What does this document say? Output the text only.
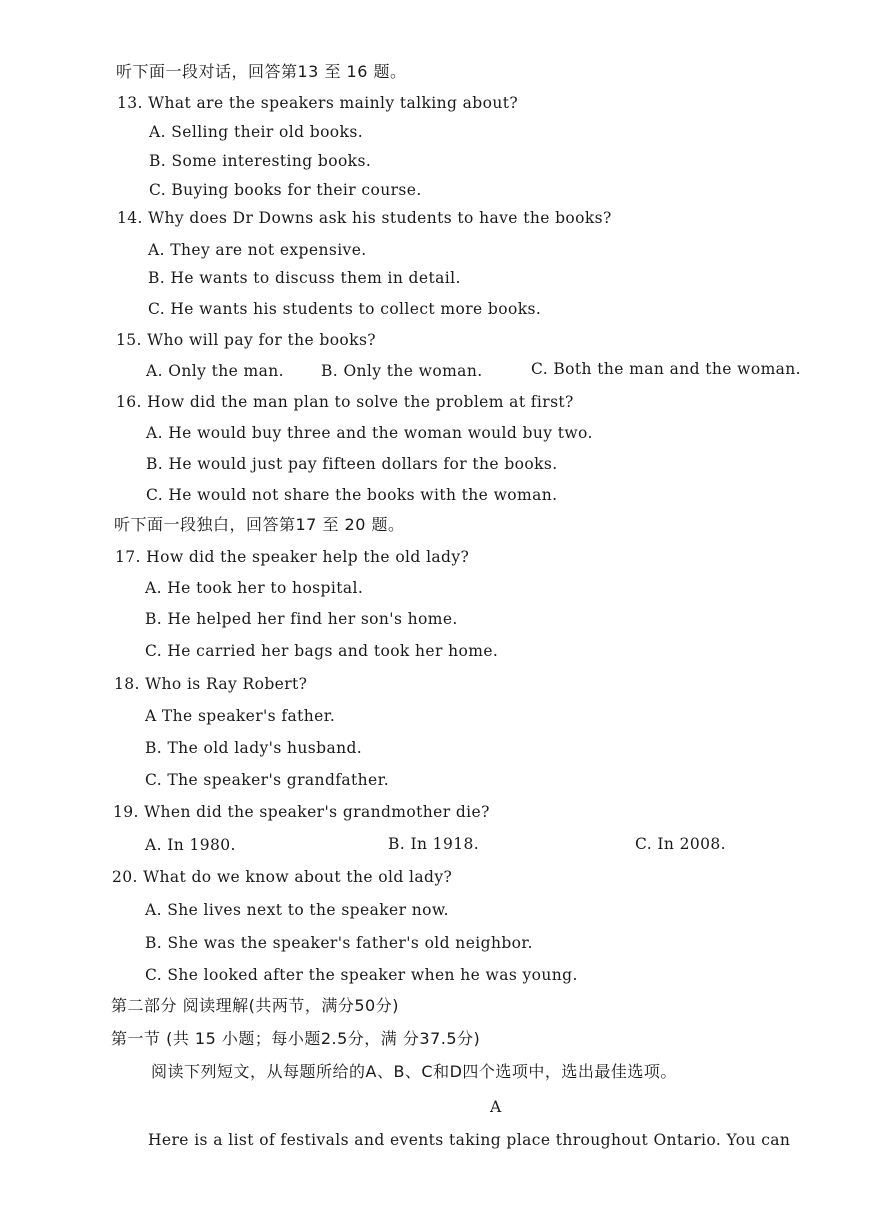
听下面一段对话，回答第13 至 16 题。
13. What are the speakers mainly talking about?
A. Selling their old books.
B. Some interesting books.
C. Buying books for their course.
14. Why does Dr Downs ask his students to have the books?
A. They are not expensive.
B. He wants to discuss them in detail.
C. He wants his students to collect more books.
15. Who will pay for the books?
A. Only the man. B. Only the woman.	C. Both the man and the woman.
16. How did the man plan to solve the problem at first?
A. He would buy three and the woman would buy two.
B. He would just pay fifteen dollars for the books.
C. He would not share the books with the woman.
听下面一段独白，回答第17 至 20 题。
17. How did the speaker help the old lady?
A. He took her to hospital.
B. He helped her find her son's home.
C. He carried her bags and took her home.
18. Who is Ray Robert?
A The speaker's father.
B. The old lady's husband.
C. The speaker's grandfather.
19. When did the speaker's grandmother die?
A. In 1980.	B. In 1918.	C. In 2008.
20. What do we know about the old lady?
A. She lives next to the speaker now.
B. She was the speaker's father's old neighbor.
C. She looked after the speaker when he was young.
第二部分 阅读理解(共两节，满分50分)
第一节 (共 15 小题；每小题2.5分，满 分37.5分)
阅读下列短文，从每题所给的A、B、C和D四个选项中，选出最佳选项。
A
Here is a list of festivals and events taking place throughout Ontario. You can
